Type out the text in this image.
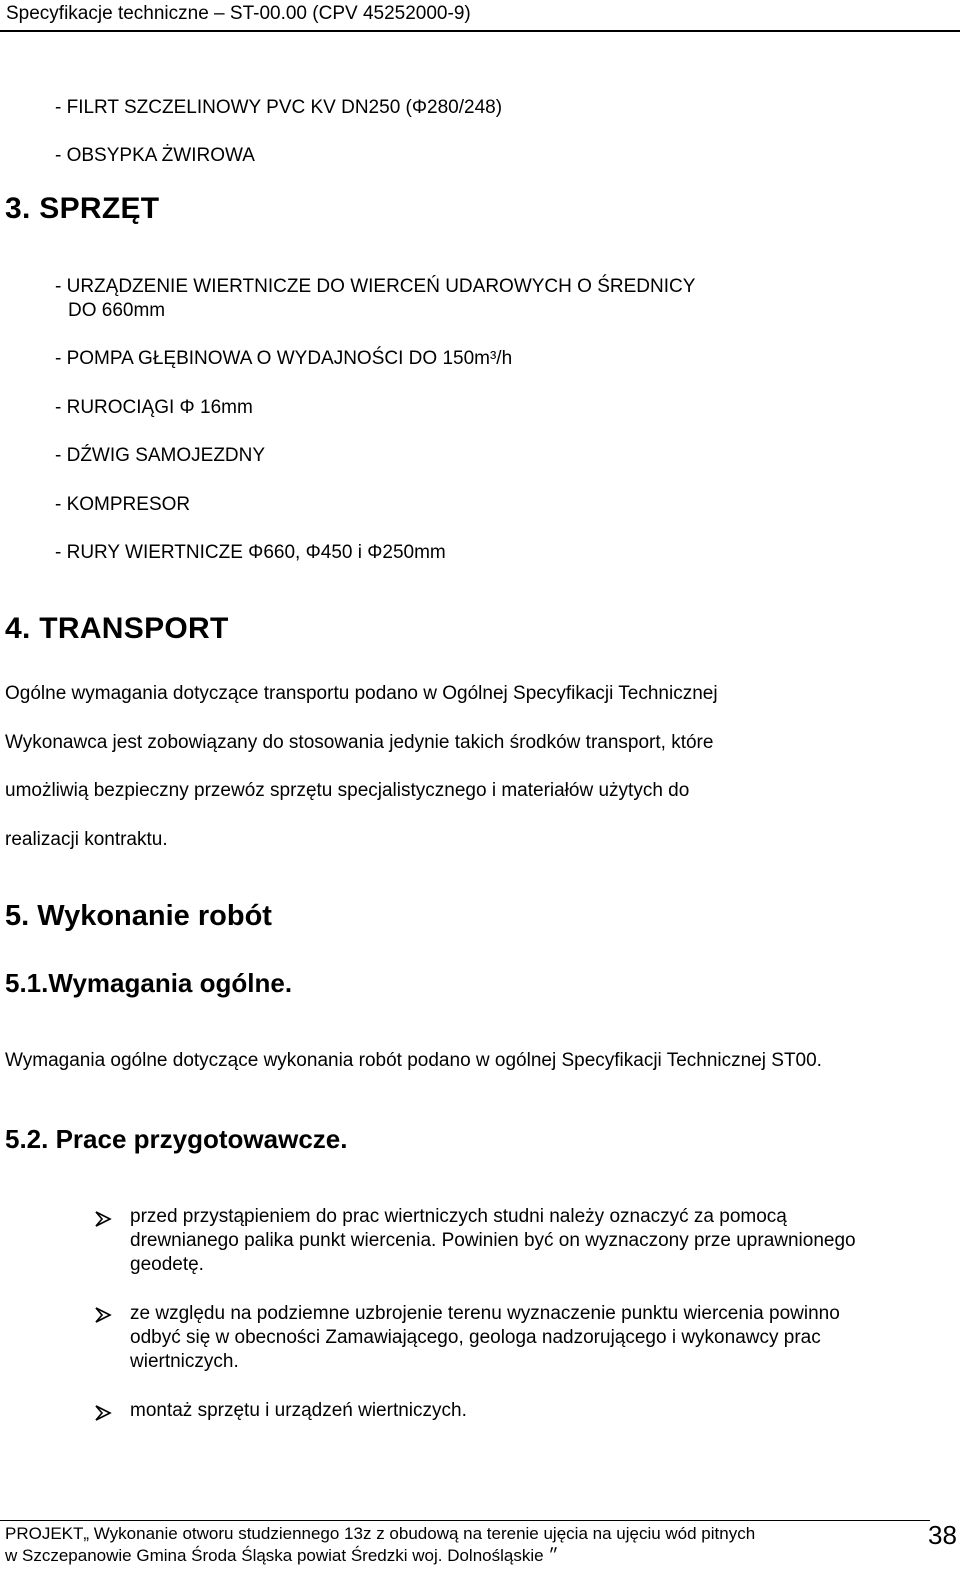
Specyfikacje techniczne – ST-00.00 (CPV 45252000-9)
- FILRT SZCZELINOWY PVC KV DN250 (Φ280/248)
- OBSYPKA ŻWIROWA
3. SPRZĘT
- URZĄDZENIE WIERTNICZE DO WIERCEŃ UDAROWYCH O ŚREDNICY
DO 660mm
- POMPA GŁĘBINOWA O WYDAJNOŚCI DO 150m³/h
- RUROCIĄGI Φ 16mm
- DŹWIG SAMOJEZDNY
- KOMPRESOR
- RURY WIERTNICZE Φ660, Φ450 i Φ250mm
4. TRANSPORT
Ogólne wymagania dotyczące transportu podano w Ogólnej Specyfikacji Technicznej
Wykonawca jest zobowiązany do stosowania jedynie takich środków transport, które
umożliwią bezpieczny przewóz sprzętu specjalistycznego i materiałów użytych do
realizacji kontraktu.
5. Wykonanie robót
5.1.Wymagania ogólne.
Wymagania ogólne dotyczące wykonania robót podano w ogólnej Specyfikacji Technicznej ST00.
5.2. Prace przygotowawcze.
przed przystąpieniem do prac wiertniczych studni należy oznaczyć za pomocą
drewnianego palika punkt wiercenia. Powinien być on wyznaczony prze uprawnionego
geodetę.
ze względu na podziemne uzbrojenie terenu wyznaczenie punktu wiercenia powinno
odbyć się w obecności Zamawiającego, geologa nadzorującego i wykonawcy prac
wiertniczych.
montaż sprzętu i urządzeń wiertniczych.
PROJEKT„ Wykonanie otworu studziennego 13z z obudową na terenie ujęcia na ujęciu wód pitnych
w Szczepanowie Gmina Środa Śląska powiat Średzki woj. Dolnośląskie ״
38
